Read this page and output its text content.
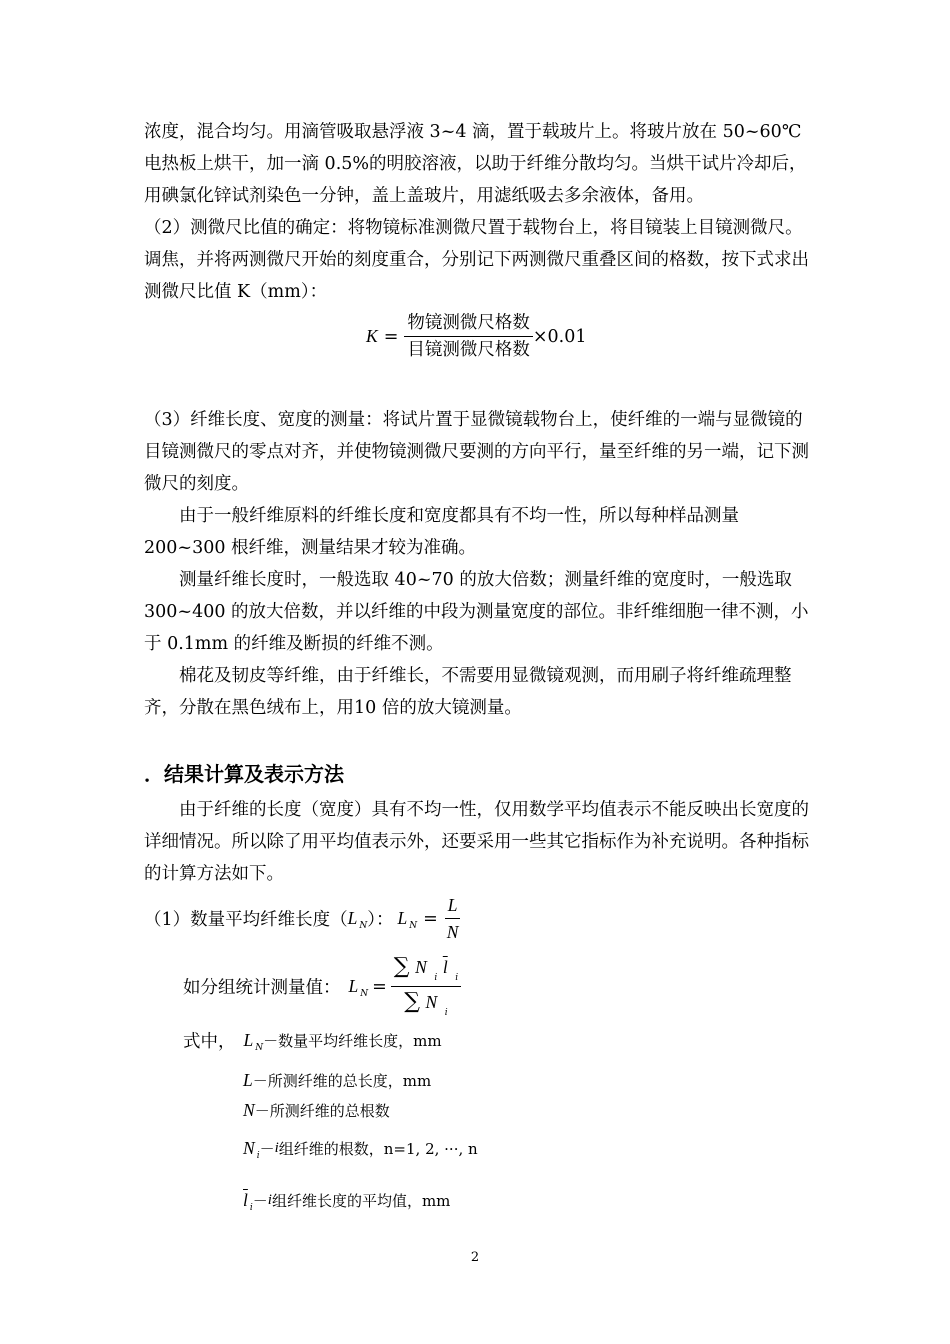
浓度，混合均匀。用滴管吸取悬浮液 3~4 滴，置于载玻片上。将玻片放在 50~60℃电热板上烘干，加一滴 0.5%的明胶溶液，以助于纤维分散均匀。当烘干试片冷却后，用碘氯化锌试剂染色一分钟，盖上盖玻片，用滤纸吸去多余液体，备用。

（2）测微尺比值的确定：将物镜标准测微尺置于载物台上，将目镜装上目镜测微尺。调焦，并将两测微尺开始的刻度重合，分别记下两测微尺重叠区间的格数，按下式求出测微尺比值 K（mm）：

$K = \frac{\text{物镜测微尺格数}}{\text{目镜测微尺格数}} \times 0.01$

（3）纤维长度、宽度的测量：将试片置于显微镜载物台上，使纤维的一端与显微镜的目镜测微尺的零点对齐，并使物镜测微尺要测的方向平行，量至纤维的另一端，记下测微尺的刻度。

由于一般纤维原料的纤维长度和宽度都具有不均一性，所以每种样品测量 200~300 根纤维，测量结果才较为准确。

测量纤维长度时，一般选取 40~70 的放大倍数；测量纤维的宽度时，一般选取 300~400 的放大倍数，并以纤维的中段为测量宽度的部位。非纤维细胞一律不测，小于 0.1mm 的纤维及断损的纤维不测。

棉花及韧皮等纤维，由于纤维长，不需要用显微镜观测，而用刷子将纤维疏理整齐，分散在黑色绒布上，用10 倍的放大镜测量。

．结果计算及表示方法

由于纤维的长度（宽度）具有不均一性，仅用数学平均值表示不能反映出长宽度的详细情况。所以除了用平均值表示外，还要采用一些其它指标作为补充说明。各种指标的计算方法如下。

（1）数量平均纤维长度（ L N ）： L $N = \frac{L}{N}$
如分组统计测量值： L $N = \frac{\sum N _i \overline{l} _i}{\sum N _i}$
式中， L N －数量平均纤维长度，mm
L －所测纤维的总长度，mm
N －所测纤维的总根数
N i － i 组纤维的根数，n=1, 2, ···, n
$\overline{l}$ i － i 组纤维长度的平均值，mm
2
